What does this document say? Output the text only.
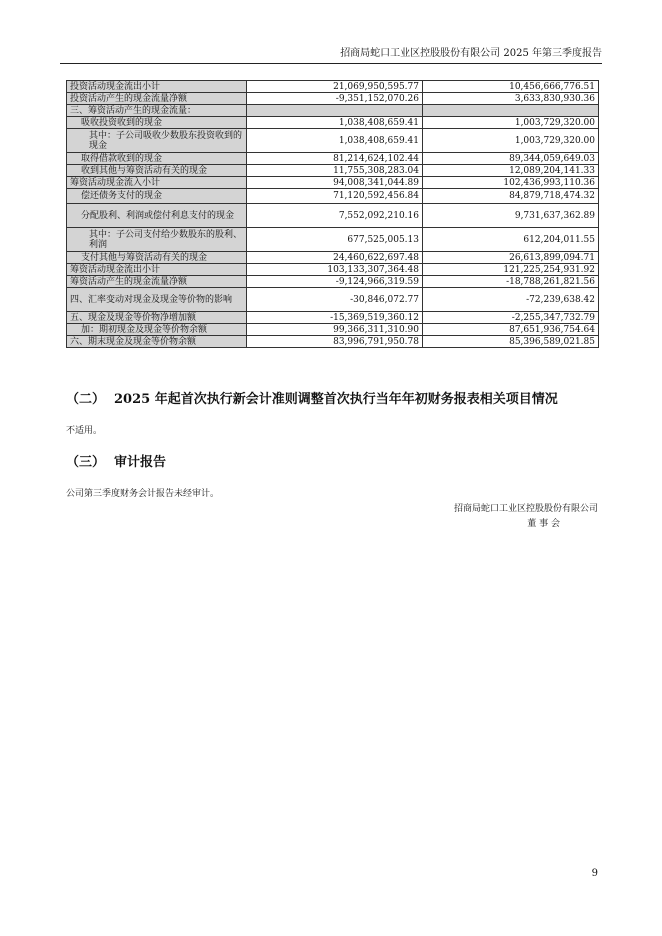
招商局蛇口工业区控股股份有限公司 2025 年第三季度报告
投资活动现金流出小计	21,069,950,595.77	10,456,666,776.51
投资活动产生的现金流量净额	-9,351,152,070.26	3,633,830,930.36
三、筹资活动产生的现金流量：		
吸收投资收到的现金	1,038,408,659.41	1,003,729,320.00
其中：子公司吸收少数股东投资收到的现金	1,038,408,659.41	1,003,729,320.00
取得借款收到的现金	81,214,624,102.44	89,344,059,649.03
收到其他与筹资活动有关的现金	11,755,308,283.04	12,089,204,141.33
筹资活动现金流入小计	94,008,341,044.89	102,436,993,110.36
偿还债务支付的现金	71,120,592,456.84	84,879,718,474.32
分配股利、利润或偿付利息支付的现金	7,552,092,210.16	9,731,637,362.89
其中：子公司支付给少数股东的股利、利润	677,525,005.13	612,204,011.55
支付其他与筹资活动有关的现金	24,460,622,697.48	26,613,899,094.71
筹资活动现金流出小计	103,133,307,364.48	121,225,254,931.92
筹资活动产生的现金流量净额	-9,124,966,319.59	-18,788,261,821.56
四、汇率变动对现金及现金等价物的影响	-30,846,072.77	-72,239,638.42
五、现金及现金等价物净增加额	-15,369,519,360.12	-2,255,347,732.79
加：期初现金及现金等价物余额	99,366,311,310.90	87,651,936,754.64
六、期末现金及现金等价物余额	83,996,791,950.78	85,396,589,021.85
（二） 2025 年起首次执行新会计准则调整首次执行当年年初财务报表相关项目情况
不适用。
（三） 审计报告
公司第三季度财务会计报告未经审计。
招商局蛇口工业区控股股份有限公司
董 事 会
9
